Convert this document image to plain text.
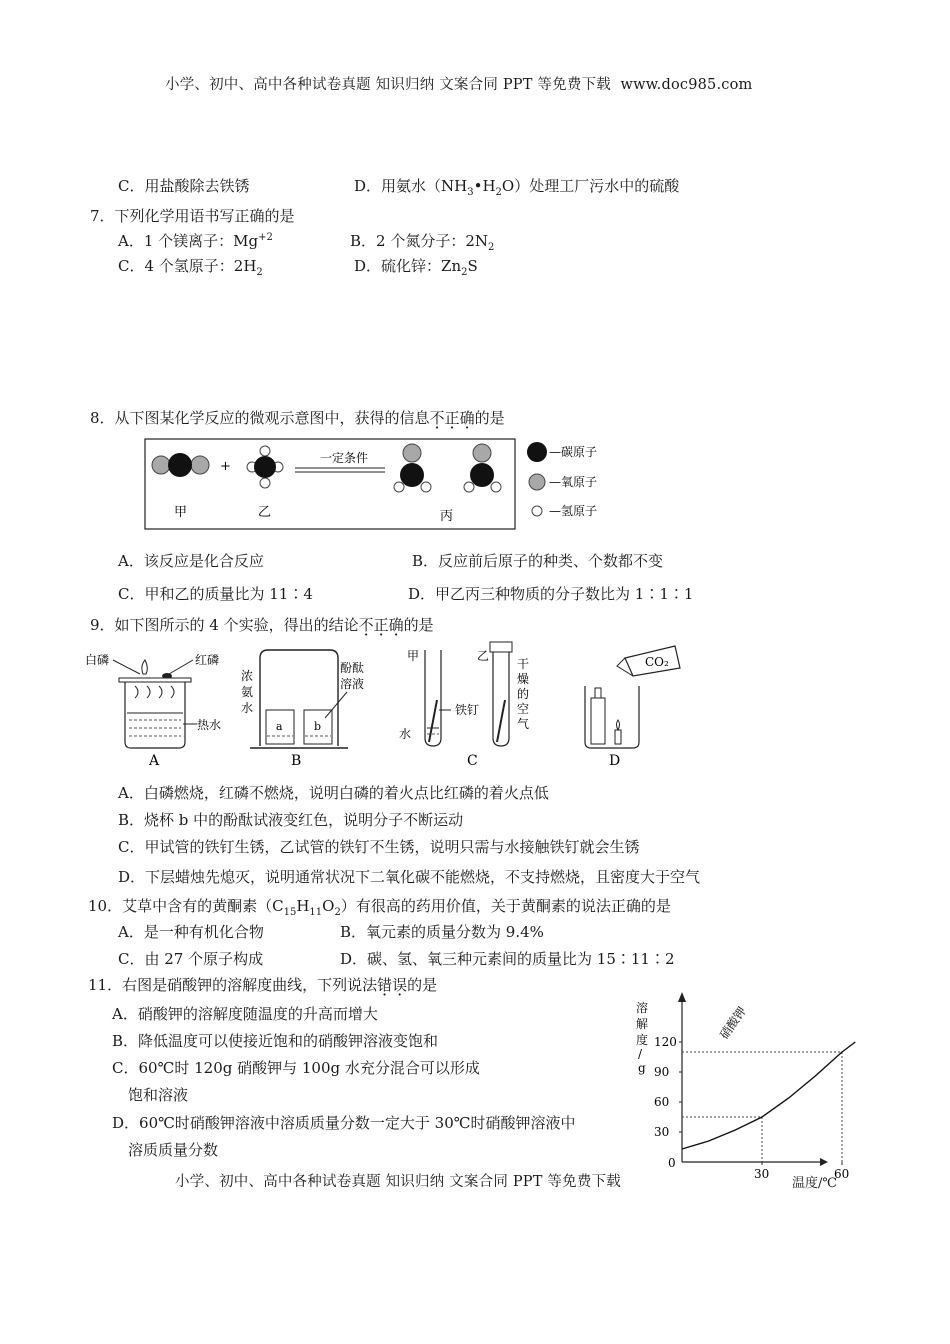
小学、初中、高中各种试卷真题 知识归纳 文案合同 PPT 等免费下载 www.doc985.com
C．用盐酸除去铁锈	D．用氨水$(NH_3•H_2O)$处理工厂污水中的硫酸
7．下列化学用语书写正确的是
A．1 个镁离子：$Mg^{+2}$	B．2 个氮分子：$2N_2$
C．4 个氢原子：$2H_2$	D．硫化锌：$Zn_2S$
8．从下图某化学反应的微观示意图中，获得的信息不正确的是
+
一定条件
甲	乙	丙
—碳原子
—氧原子
—氢原子
A．该反应是化合反应	B．反应前后原子的种类、个数都不变
C．甲和乙的质量比为 11∶4	D．甲乙丙三种物质的分子数比为 1∶1∶1
9．如下图所示的 4 个实验，得出的结论不正确的是
白磷	红磷
热水
A
a	b
浓
氨
水
酚酞
溶液
B
甲	乙
铁钉
水
干
燥
的
空
气
C
CO₂
D
A．白磷燃烧，红磷不燃烧，说明白磷的着火点比红磷的着火点低
B．烧杯 b 中的酚酞试液变红色，说明分子不断运动
C．甲试管的铁钉生锈，乙试管的铁钉不生锈，说明只需与水接触铁钉就会生锈
D．下层蜡烛先熄灭，说明通常状况下二氧化碳不能燃烧，不支持燃烧，且密度大于空气
10．艾草中含有的黄酮素$(C_{15}H_{11}O_2)$有很高的药用价值，关于黄酮素的说法正确的是
A．是一种有机化合物	B．氧元素的质量分数为 9.4%
C．由 27 个原子构成	D．碳、氢、氧三种元素间的质量比为 15∶11∶2
11．右图是硝酸钾的溶解度曲线，下列说法错误的是
A．硝酸钾的溶解度随温度的升高而增大
B．降低温度可以使接近饱和的硝酸钾溶液变饱和
C．60℃时 120g 硝酸钾与 100g 水充分混合可以形成
饱和溶液
D．60℃时硝酸钾溶液中溶质质量分数一定大于 30℃时硝酸钾溶液中
溶质质量分数
溶
解
度
/
g
0
30
60
90
120
30	60
硝酸钾
温度/℃
小学、初中、高中各种试卷真题 知识归纳 文案合同 PPT 等免费下载
